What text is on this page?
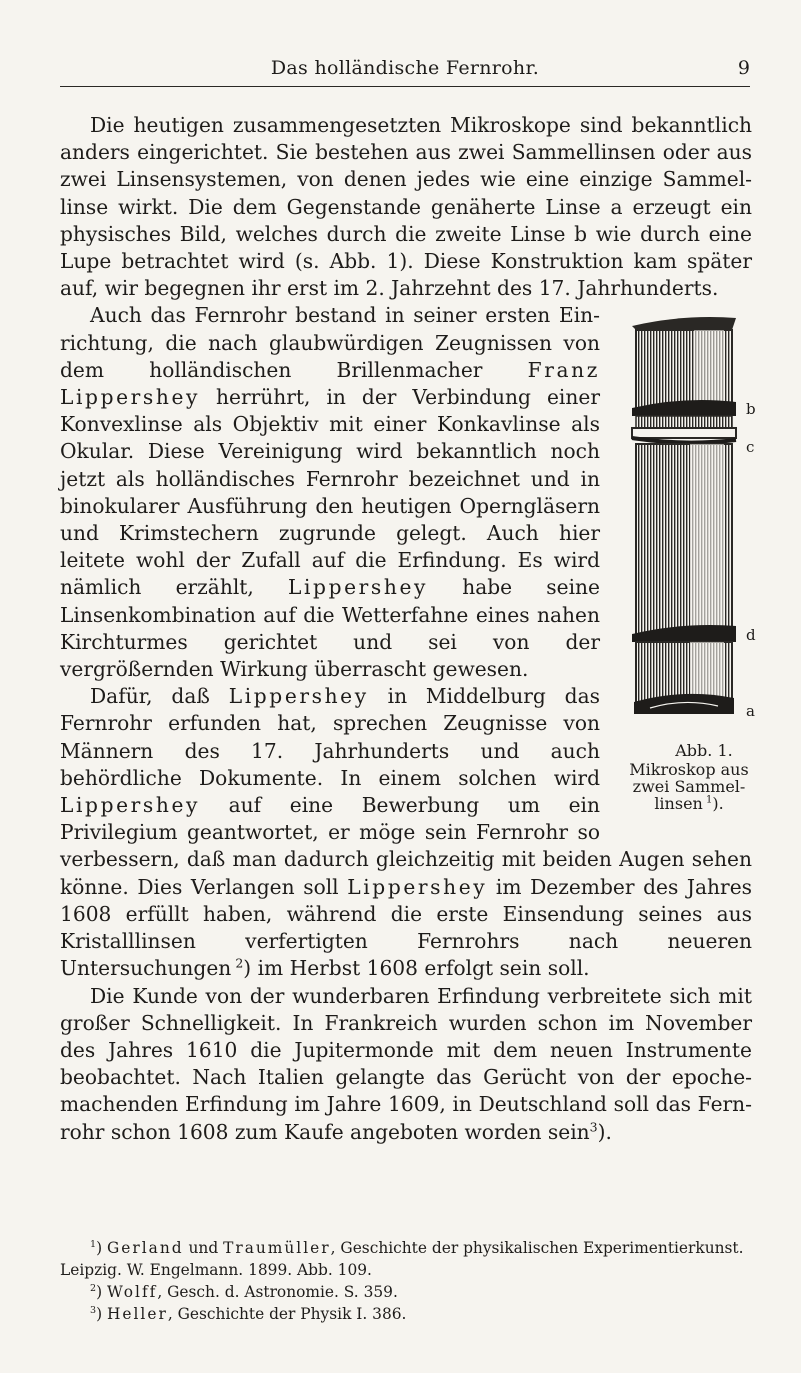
Das holländische Fernrohr.	9

Die heutigen zusammengesetzten Mikroskope sind bekanntlich anders eingerichtet. Sie bestehen aus zwei Sammellinsen oder aus zwei Linsensystemen, von denen jedes wie eine einzige Sammellinse wirkt. Die dem Gegenstande genäherte Linse a erzeugt ein physisches Bild, welches durch die zweite Linse b wie durch eine Lupe betrachtet wird (s. Abb. 1). Diese Konstruktion kam später auf, wir begegnen ihr erst im 2. Jahrzehnt des 17. Jahrhunderts.

b
c
d
a
Abb. 1.
Mikroskop aus
zwei Sammel-
linsen  $^1$).
Auch das Fernrohr bestand in seiner ersten Einrichtung, die nach glaubwürdigen Zeugnissen von dem holländischen Brillenmacher Franz Lippershey herrührt, in der Verbindung einer Konvexlinse als Objektiv mit einer Konkavlinse als Okular. Diese Vereinigung wird bekanntlich noch jetzt als holländisches Fernrohr bezeichnet und in binokularer Ausführung den heutigen Operngläsern und Krimstechern zugrunde gelegt. Auch hier leitete wohl der Zufall auf die Erfindung. Es wird nämlich erzählt, Lippershey habe seine Linsenkombination auf die Wetterfahne eines nahen Kirchturmes gerichtet und sei von der vergrößernden Wirkung überrascht gewesen.

Dafür, daß Lippershey in Middelburg das Fernrohr erfunden hat, sprechen Zeugnisse von Männern des 17. Jahrhunderts und auch behördliche Dokumente. In einem solchen wird Lippershey auf eine Bewerbung um ein Privilegium geantwortet, er möge sein Fernrohr so verbessern, daß man dadurch gleichzeitig mit beiden Augen sehen könne. Dies Verlangen soll Lippershey im Dezember des Jahres 1608 erfüllt haben, während die erste Einsendung seines aus Kristalllinsen verfertigten Fernrohrs nach neueren Untersuchungen  $^2$) im Herbst 1608 erfolgt sein soll.

Die Kunde von der wunderbaren Erfindung verbreitete sich mit großer Schnelligkeit. In Frankreich wurden schon im November des Jahres 1610 die Jupitermonde mit dem neuen Instrumente beobachtet. Nach Italien gelangte das Gerücht von der epochemachenden Erfindung im Jahre 1609, in Deutschland soll das Fernrohr schon 1608 zum Kaufe angeboten worden sein$^3$).

$^1$) Gerland und Traumüller, Geschichte der physikalischen Experimentierkunst. Leipzig. W. Engelmann. 1899. Abb. 109.

$^2$) Wolff, Gesch. d. Astronomie. S. 359.

$^3$) Heller, Geschichte der Physik I. 386.
